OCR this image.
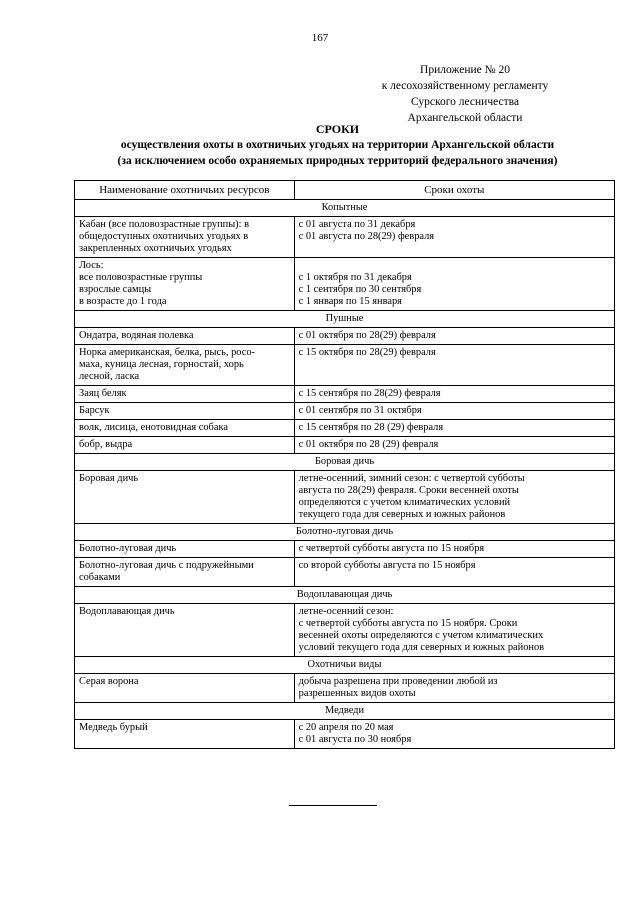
167
Приложение № 20
к лесохозяйственному регламенту
Сурского лесничества
Архангельской области
СРОКИ
осуществления охоты в охотничьих угодьях на территории Архангельской области
(за исключением особо охраняемых природных территорий федерального значения)
Наименование охотничьих ресурсов	Сроки охоты
Копытные	

Кабан (все половозрастные группы): в
общедоступных охотничьих угодьях в
закрепленных охотничьих угодьях	с 01 августа по 31 декабря
с 01 августа по 28(29) февраля

Лось:
все половозрастные группы
взрослые самцы
в возрасте до 1 года	с 1 октября по 31 декабря
с 1 сентября по 30 сентября
с 1 января по 15 января

Пушные	
Ондатра, водяная полевка	с 01 октября по 28(29) февраля

Норка американская, белка, рысь, росо-
маха, куница лесная, горностай, хорь
лесной, ласка	с 15 октября по 28(29) февраля
Заяц беляк	с 15 сентября по 28(29) февраля
Барсук	с 01 сентября по 31 октября
волк, лисица, енотовидная собака	с 15 сентября по 28 (29) февраля
бобр, выдра	с 01 октября по 28 (29) февраля
Боровая дичь	
Боровая дичь	летне-осенний, зимний сезон: с четвертой субботы
августа по 28(29) февраля. Сроки весенней охоты
определяются с учетом климатических условий
текущего года для северных и южных районов

Болотно-луговая дичь	
Болотно-луговая дичь	с четвертой субботы августа по 15 ноября

Болотно-луговая дичь с подружейными
собаками	со второй субботы августа по 15 ноября
Водоплавающая дичь	
Водоплавающая дичь	летне-осенний сезон:
с четвертой субботы августа по 15 ноября. Сроки
весенней охоты определяются с учетом климатических
условий текущего года для северных и южных районов

Охотничьи виды	
Серая ворона	добыча разрешена при проведении любой из
разрешенных видов охоты

Медведи	
Медведь бурый	с 20 апреля по 20 мая
с 01 августа по 30 ноября
